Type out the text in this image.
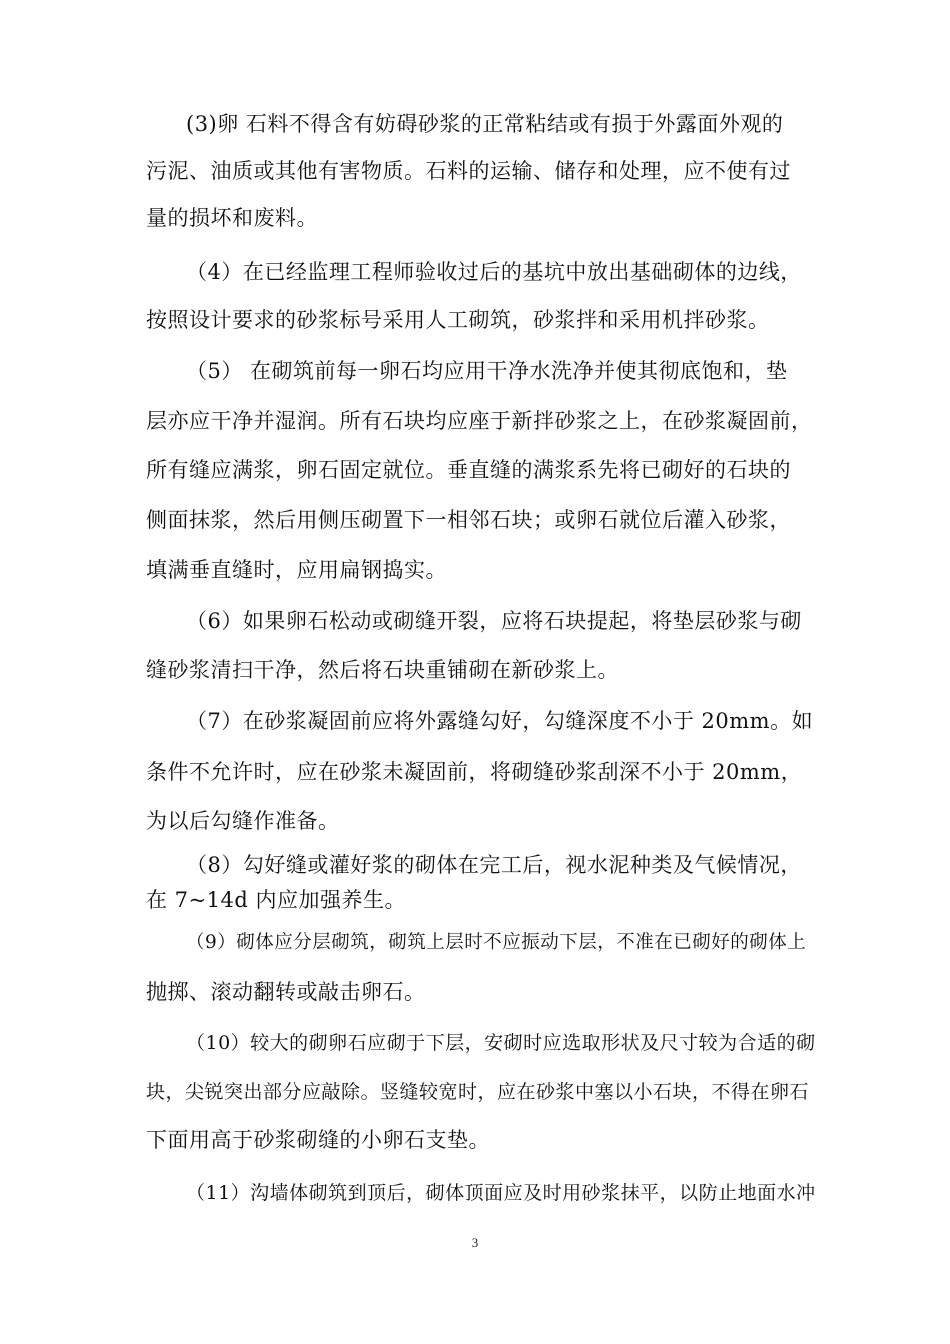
(3)卵 石料不得含有妨碍砂浆的正常粘结或有损于外露面外观的
污泥、油质或其他有害物质。石料的运输、储存和处理，应不使有过
量的损坏和废料。
（4）在已经监理工程师验收过后的基坑中放出基础砌体的边线，
按照设计要求的砂浆标号采用人工砌筑，砂浆拌和采用机拌砂浆。
（5） 在砌筑前每一卵石均应用干净水洗净并使其彻底饱和，垫
层亦应干净并湿润。所有石块均应座于新拌砂浆之上，在砂浆凝固前，
所有缝应满浆，卵石固定就位。垂直缝的满浆系先将已砌好的石块的
侧面抹浆，然后用侧压砌置下一相邻石块；或卵石就位后灌入砂浆，
填满垂直缝时，应用扁钢捣实。
（6）如果卵石松动或砌缝开裂，应将石块提起，将垫层砂浆与砌
缝砂浆清扫干净，然后将石块重铺砌在新砂浆上。
（7）在砂浆凝固前应将外露缝勾好，勾缝深度不小于 20mm。如
条件不允许时，应在砂浆未凝固前，将砌缝砂浆刮深不小于 20mm，
为以后勾缝作准备。
（8）勾好缝或灌好浆的砌体在完工后，视水泥种类及气候情况，
在 7~14d 内应加强养生。
（9）砌体应分层砌筑，砌筑上层时不应振动下层，不准在已砌好的砌体上
抛掷、滚动翻转或敲击卵石。
（10）较大的砌卵石应砌于下层，安砌时应选取形状及尺寸较为合适的砌
块，尖锐突出部分应敲除。竖缝较宽时，应在砂浆中塞以小石块，不得在卵石
下面用高于砂浆砌缝的小卵石支垫。
（11）沟墙体砌筑到顶后，砌体顶面应及时用砂浆抹平，以防止地面水冲
3
